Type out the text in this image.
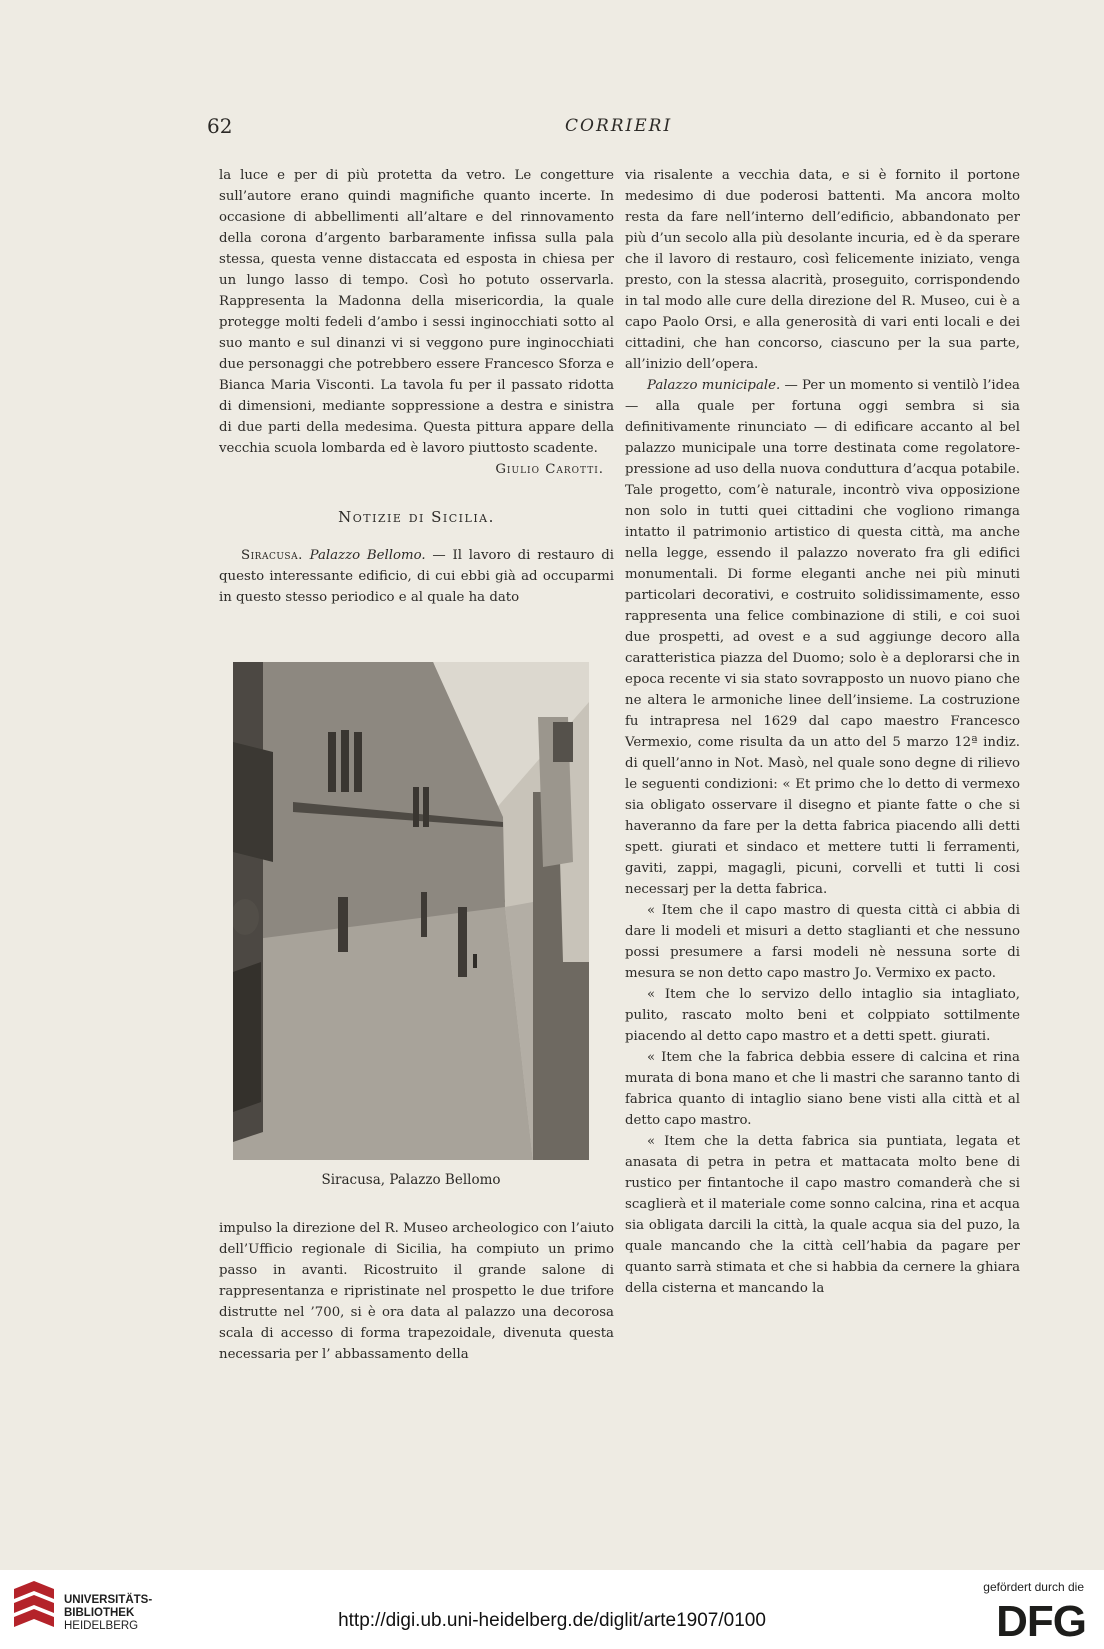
62	CORRIERI

la luce e per di più protetta da vetro. Le congetture sull’autore erano quindi magnifiche quanto incerte. In occasione di abbellimenti all’altare e del rinnovamento della corona d’argento barbaramente infissa sulla pala stessa, questa venne distaccata ed esposta in chiesa per un lungo lasso di tempo. Così ho potuto osservarla. Rappresenta la Madonna della misericordia, la quale protegge molti fedeli d’ambo i sessi inginocchiati sotto al suo manto e sul dinanzi vi si veggono pure inginocchiati due personaggi che potrebbero essere Francesco Sforza e Bianca Maria Visconti. La tavola fu per il passato ridotta di dimensioni, mediante soppressione a destra e sinistra di due parti della medesima. Questa pittura appare della vecchia scuola lombarda ed è lavoro piuttosto scadente.

Giulio Carotti.

Notizie di Sicilia.

Siracusa. Palazzo Bellomo. — Il lavoro di restauro di questo interessante edificio, di cui ebbi già ad occuparmi in questo stesso periodico e al quale ha dato

Siracusa, Palazzo Bellomo

impulso la direzione del R. Museo archeologico con l’aiuto dell’Ufficio regionale di Sicilia, ha compiuto un primo passo in avanti. Ricostruito il grande salone di rappresentanza e ripristinate nel prospetto le due trifore distrutte nel ’700, si è ora data al palazzo una decorosa scala di accesso di forma trapezoidale, divenuta questa necessaria per l’ abbassamento della

via risalente a vecchia data, e si è fornito il portone medesimo di due poderosi battenti. Ma ancora molto resta da fare nell’interno dell’edificio, abbandonato per più d’un secolo alla più desolante incuria, ed è da sperare che il lavoro di restauro, così felicemente iniziato, venga presto, con la stessa alacrità, proseguito, corrispondendo in tal modo alle cure della direzione del R. Museo, cui è a capo Paolo Orsi, e alla generosità di vari enti locali e dei cittadini, che han concorso, ciascuno per la sua parte, all’inizio dell’opera.

Palazzo municipale. — Per un momento si ventilò l’idea — alla quale per fortuna oggi sembra si sia definitivamente rinunciato — di edificare accanto al bel palazzo municipale una torre destinata come regolatore-pressione ad uso della nuova conduttura d’acqua potabile. Tale progetto, com’è naturale, incontrò viva opposizione non solo in tutti quei cittadini che vogliono rimanga intatto il patrimonio artistico di questa città, ma anche nella legge, essendo il palazzo noverato fra gli edifici monumentali. Di forme eleganti anche nei più minuti particolari decorativi, e costruito solidissimamente, esso rappresenta una felice combinazione di stili, e coi suoi due prospetti, ad ovest e a sud aggiunge decoro alla caratteristica piazza del Duomo; solo è a deplorarsi che in epoca recente vi sia stato sovrapposto un nuovo piano che ne altera le armoniche linee dell’insieme. La costruzione fu intrapresa nel 1629 dal capo maestro Francesco Vermexio, come risulta da un atto del 5 marzo 12ª indiz. di quell’anno in Not. Masò, nel quale sono degne di rilievo le seguenti condizioni: « Et primo che lo detto di vermexo sia obligato osservare il disegno et piante fatte o che si haveranno da fare per la detta fabrica piacendo alli detti spett. giurati et sindaco et mettere tutti li ferramenti, gaviti, zappi, magagli, picuni, corvelli et tutti li cosi necessarj per la detta fabrica.

« Item che il capo mastro di questa città ci abbia di dare li modeli et misuri a detto staglianti et che nessuno possi presumere a farsi modeli nè nessuna sorte di mesura se non detto capo mastro Jo. Vermixo ex pacto.

« Item che lo servizo dello intaglio sia intagliato, pulito, rascato molto beni et colppiato sottilmente piacendo al detto capo mastro et a detti spett. giurati.

« Item che la fabrica debbia essere di calcina et rina murata di bona mano et che li mastri che saranno tanto di fabrica quanto di intaglio siano bene visti alla città et al detto capo mastro.

« Item che la detta fabrica sia puntiata, legata et anasata di petra in petra et mattacata molto bene di rustico per fintantoche il capo mastro comanderà che si scaglierà et il materiale come sonno calcina, rina et acqua sia obligata darcili la città, la quale acqua sia del puzo, la quale mancando che la città cell’habia da pagare per quanto sarrà stimata et che si habbia da cernere la ghiara della cisterna et mancando la

UNIVERSITÄTS-
BIBLIOTHEK
HEIDELBERG	http://digi.ub.uni-heidelberg.de/diglit/arte1907/0100
gefördert durch die
DFG
